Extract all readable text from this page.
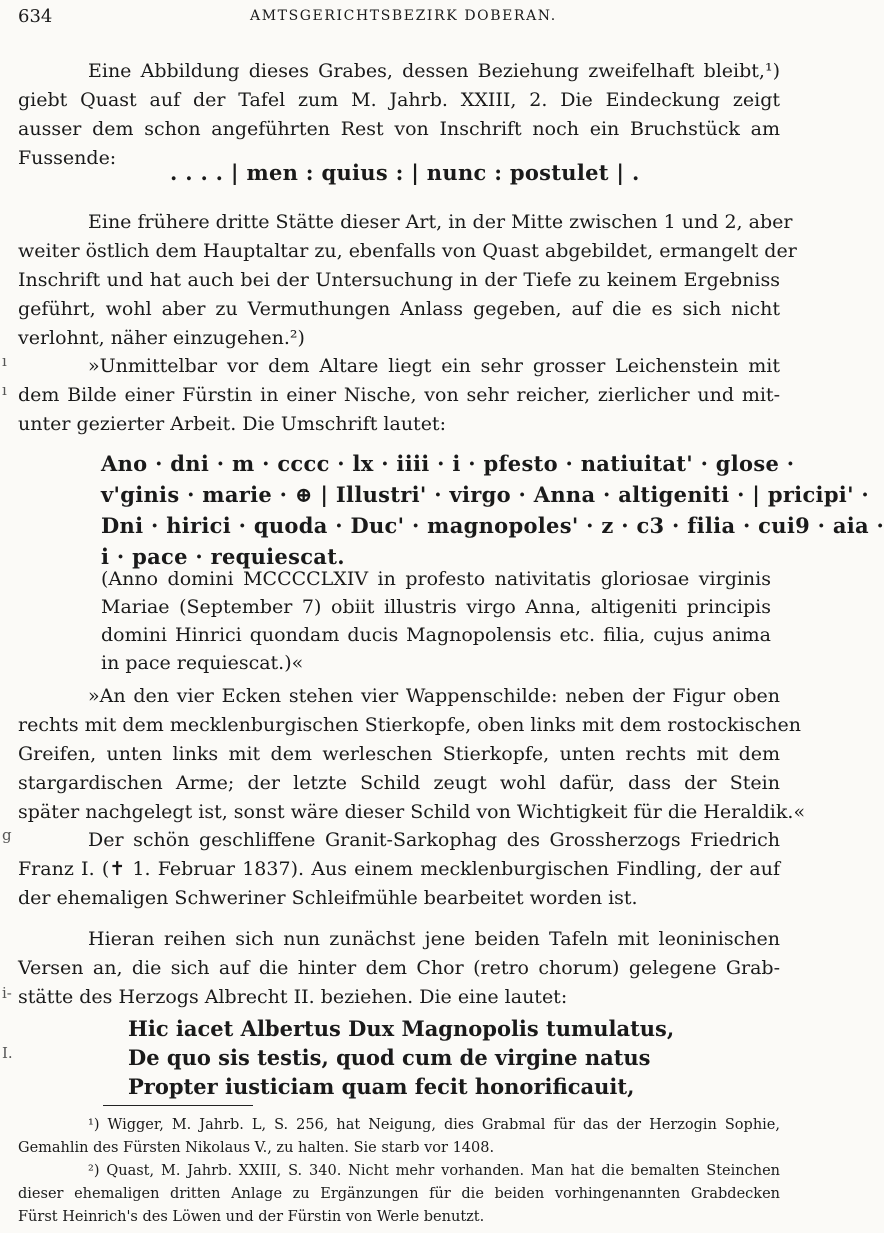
634	AMTSGERICHTSBEZIRK DOBERAN.
Eine Abbildung dieses Grabes, dessen Beziehung zweifelhaft bleibt,¹)
giebt Quast auf der Tafel zum M. Jahrb. XXIII, 2. Die Eindeckung zeigt
ausser dem schon angeführten Rest von Inschrift noch ein Bruchstück am
Fussende:
. . . . | men : quius : | nunc : postulet | .
Eine frühere dritte Stätte dieser Art, in der Mitte zwischen 1 und 2, aber
weiter östlich dem Hauptaltar zu, ebenfalls von Quast abgebildet, ermangelt der
Inschrift und hat auch bei der Untersuchung in der Tiefe zu keinem Ergebniss
geführt, wohl aber zu Vermuthungen Anlass gegeben, auf die es sich nicht
verlohnt, näher einzugehen.²)
»Unmittelbar vor dem Altare liegt ein sehr grosser Leichenstein mit
dem Bilde einer Fürstin in einer Nische, von sehr reicher, zierlicher und mit-
unter gezierter Arbeit. Die Umschrift lautet:
Ano · dni · m · cccc · lx · iiii · i · pfesto · natiuitat' · glose ·
v'ginis · marie · ⊕ | Illustri' · virgo · Anna · altigeniti · | pricipi' ·
Dni · hirici · quoda · Duc' · magnopoles' · z · c3 · filia · cui9 · aia ·
i · pace · requiescat.
(Anno domini MCCCCLXIV in profesto nativitatis gloriosae virginis
Mariae (September 7) obiit illustris virgo Anna, altigeniti principis
domini Hinrici quondam ducis Magnopolensis etc. filia, cujus anima
in pace requiescat.)«
»An den vier Ecken stehen vier Wappenschilde: neben der Figur oben
rechts mit dem mecklenburgischen Stierkopfe, oben links mit dem rostockischen
Greifen, unten links mit dem werleschen Stierkopfe, unten rechts mit dem
stargardischen Arme; der letzte Schild zeugt wohl dafür, dass der Stein
später nachgelegt ist, sonst wäre dieser Schild von Wichtigkeit für die Heraldik.«
Der schön geschliffene Granit-Sarkophag des Grossherzogs Friedrich
Franz I. (✝ 1. Februar 1837). Aus einem mecklenburgischen Findling, der auf
der ehemaligen Schweriner Schleifmühle bearbeitet worden ist.
Hieran reihen sich nun zunächst jene beiden Tafeln mit leoninischen
Versen an, die sich auf die hinter dem Chor (retro chorum) gelegene Grab-
stätte des Herzogs Albrecht II. beziehen. Die eine lautet:
Hic iacet Albertus Dux Magnopolis tumulatus,
De quo sis testis, quod cum de virgine natus
Propter iusticiam quam fecit honorificauit,
¹) Wigger, M. Jahrb. L, S. 256, hat Neigung, dies Grabmal für das der Herzogin Sophie,
Gemahlin des Fürsten Nikolaus V., zu halten. Sie starb vor 1408.
²) Quast, M. Jahrb. XXIII, S. 340. Nicht mehr vorhanden. Man hat die bemalten Steinchen
dieser ehemaligen dritten Anlage zu Ergänzungen für die beiden vorhingenannten Grabdecken
Fürst Heinrich's des Löwen und der Fürstin von Werle benutzt.
ı
ı
g
i-
I.
